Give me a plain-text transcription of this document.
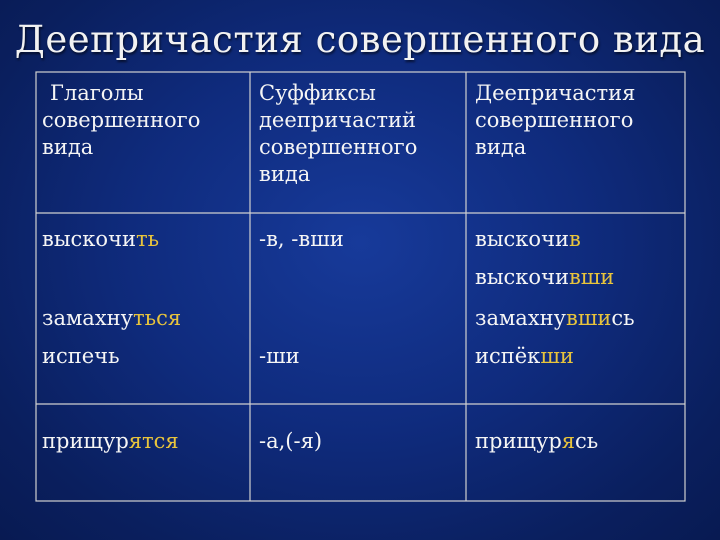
Деепричастия совершенного вида
Глаголы
совершенного
вида
Суффиксы
деепричастий
совершенного
вида
Деепричастия
совершенного
вида
выскочить
замахнуться
испечь
прищурятся
-в, -вши
-ши
-а,(-я)
выскочив
выскочивши
замахнувшись
испёкши
прищурясь
